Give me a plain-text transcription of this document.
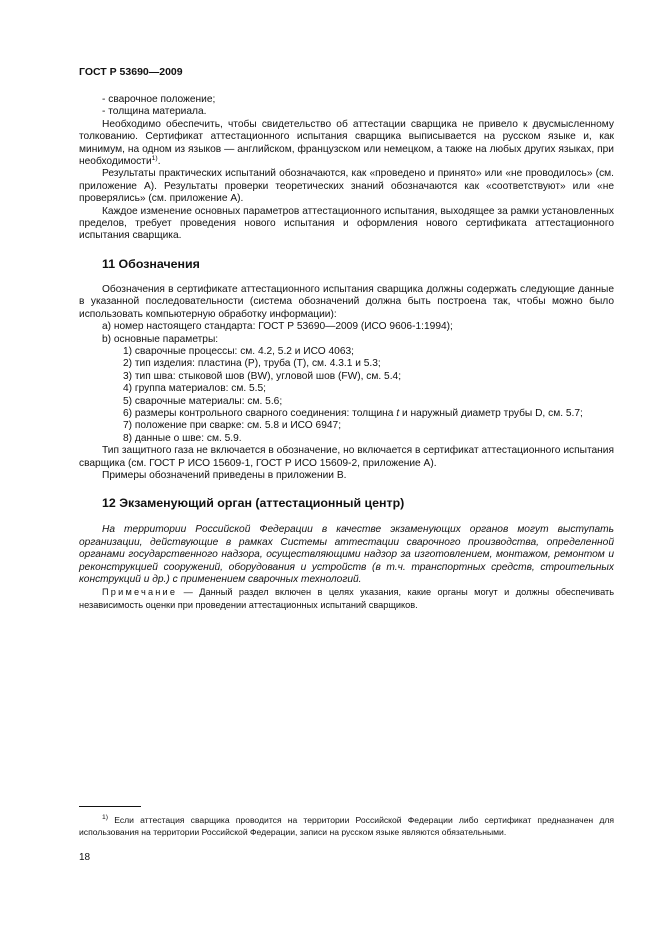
ГОСТ Р 53690—2009

- сварочное положение;

- толщина материала.

Необходимо обеспечить, чтобы свидетельство об аттестации сварщика не привело к двусмысленному толкованию. Сертификат аттестационного испытания сварщика выписывается на русском языке и, как минимум, на одном из языков — английском, французском или немецком, а также на любых других языках, при необходимости$^{1)}$.

Результаты практических испытаний обозначаются, как «проведено и принято» или «не проводилось» (см. приложение А). Результаты проверки теоретических знаний обозначаются как «соответствуют» или «не проверялись» (см. приложение А).

Каждое изменение основных параметров аттестационного испытания, выходящее за рамки установленных пределов, требует проведения нового испытания и оформления нового сертификата аттестационного испытания сварщика.

11 Обозначения

Обозначения в сертификате аттестационного испытания сварщика должны содержать следующие данные в указанной последовательности (система обозначений должна быть построена так, чтобы можно было использовать компьютерную обработку информации):

a) номер настоящего стандарта: ГОСТ Р 53690—2009 (ИСО 9606-1:1994);

b) основные параметры:

1) сварочные процессы: см. 4.2, 5.2 и ИСО 4063;

2) тип изделия: пластина (Р), труба (Т), см. 4.3.1 и 5.3;

3) тип шва: стыковой шов (BW), угловой шов (FW), см. 5.4;

4) группа материалов: см. 5.5;

5) сварочные материалы: см. 5.6;

6) размеры контрольного сварного соединения: толщина t и наружный диаметр трубы D, см. 5.7;

7) положение при сварке: см. 5.8 и ИСО 6947;

8) данные о шве: см. 5.9.

Тип защитного газа не включается в обозначение, но включается в сертификат аттестационного испытания сварщика (см. ГОСТ Р ИСО 15609-1, ГОСТ Р ИСО 15609-2, приложение А).

Примеры обозначений приведены в приложении В.

12 Экзаменующий орган (аттестационный центр)

На территории Российской Федерации в качестве экзаменующих органов могут выступать организации, действующие в рамках Системы аттестации сварочного производства, определенной органами государственного надзора, осуществляющими надзор за изготовлением, монтажом, ремонтом и реконструкцией сооружений, оборудования и устройств (в т.ч. транспортных средств, строительных конструкций и др.) с применением сварочных технологий.

Примечание — Данный раздел включен в целях указания, какие органы могут и должны обеспечивать независимость оценки при проведении аттестационных испытаний сварщиков.

$^{1)}$ Если аттестация сварщика проводится на территории Российской Федерации либо сертификат предназначен для использования на территории Российской Федерации, записи на русском языке являются обязательными.
18
